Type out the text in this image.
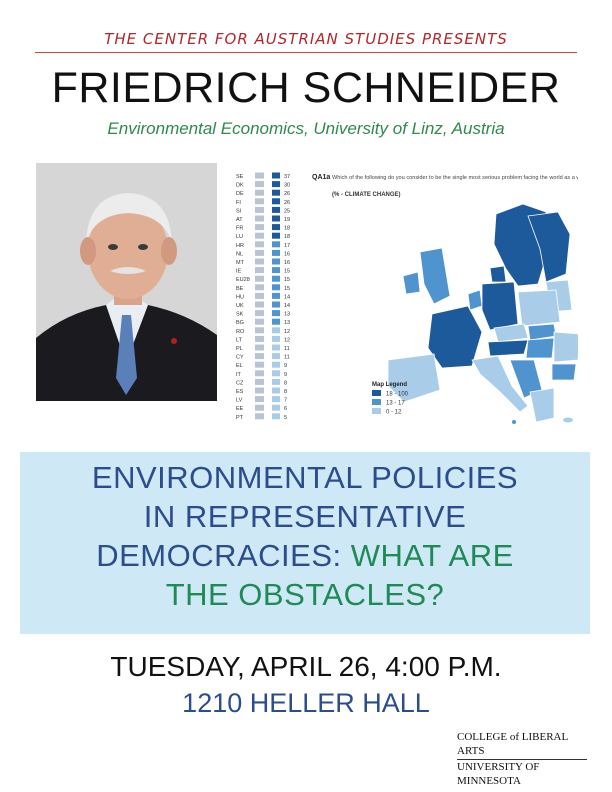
THE CENTER FOR AUSTRIAN STUDIES PRESENTS
FRIEDRICH SCHNEIDER
Environmental Economics, University of Linz, Austria
QA1a Which of the following do you consider to be the single most serious problem facing the world as a whole?
(% - CLIMATE CHANGE)
SE	37
DK	30
DE	26
FI	26
SI	25
AT	19
FR	18
LU	18
HR	17
NL	16
MT	16
IE	15
EU28	15
BE	15
HU	14
UK	14
SK	13
BG	13
RO	12
LT	12
PL	11
CY	11
EL	9
IT	9
CZ	8
ES	8
LV	7
EE	6
PT	5
Map Legend
18 - 100
13 - 17
0 - 12
ENVIRONMENTAL POLICIES
IN REPRESENTATIVE
DEMOCRACIES: WHAT ARE
THE OBSTACLES?
TUESDAY, APRIL 26, 4:00 P.M.
1210 HELLER HALL
COLLEGE of LIBERAL ARTS
UNIVERSITY OF MINNESOTA
